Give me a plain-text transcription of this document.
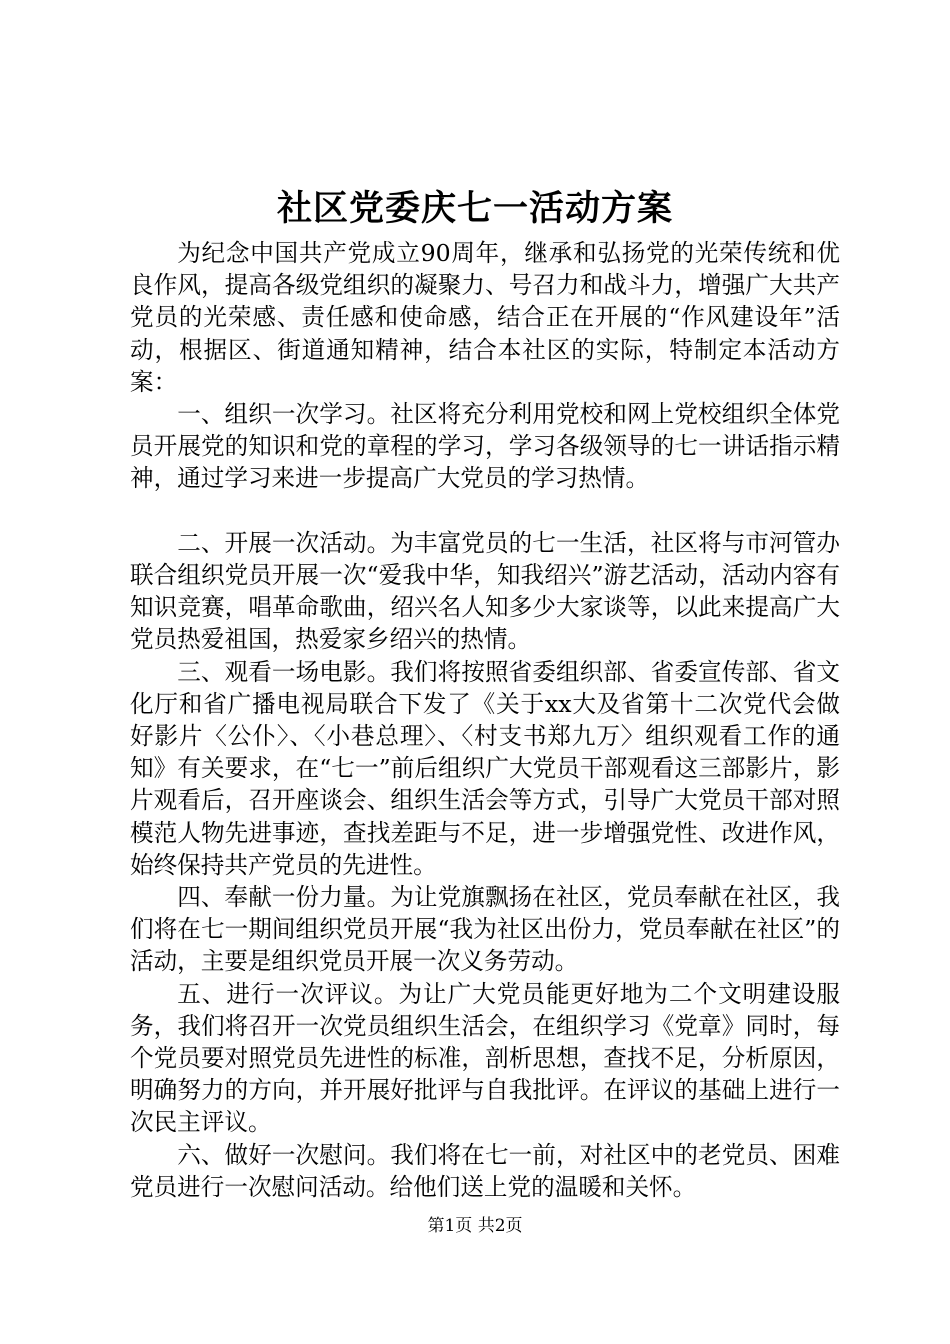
社区党委庆七一活动方案

为纪念中国共产党成立90周年，继承和弘扬党的光荣传统和优良作风，提高各级党组织的凝聚力、号召力和战斗力，增强广大共产党员的光荣感、责任感和使命感，结合正在开展的“作风建设年”活动，根据区、街道通知精神，结合本社区的实际，特制定本活动方案：

一、组织一次学习。社区将充分利用党校和网上党校组织全体党员开展党的知识和党的章程的学习，学习各级领导的七一讲话指示精神，通过学习来进一步提高广大党员的学习热情。

二、开展一次活动。为丰富党员的七一生活，社区将与市河管办联合组织党员开展一次“爱我中华，知我绍兴”游艺活动，活动内容有知识竞赛，唱革命歌曲，绍兴名人知多少大家谈等，以此来提高广大党员热爱祖国，热爱家乡绍兴的热情。

三、观看一场电影。我们将按照省委组织部、省委宣传部、省文化厅和省广播电视局联合下发了《关于xx大及省第十二次党代会做好影片〈公仆〉、〈小巷总理〉、〈村支书郑九万〉组织观看工作的通知》有关要求，在“七一”前后组织广大党员干部观看这三部影片，影片观看后，召开座谈会、组织生活会等方式，引导广大党员干部对照模范人物先进事迹，查找差距与不足，进一步增强党性、改进作风，始终保持共产党员的先进性。

四、奉献一份力量。为让党旗飘扬在社区，党员奉献在社区，我们将在七一期间组织党员开展“我为社区出份力，党员奉献在社区”的活动，主要是组织党员开展一次义务劳动。

五、进行一次评议。为让广大党员能更好地为二个文明建设服务，我们将召开一次党员组织生活会，在组织学习《党章》同时，每个党员要对照党员先进性的标准，剖析思想，查找不足，分析原因，明确努力的方向，并开展好批评与自我批评。在评议的基础上进行一次民主评议。

六、做好一次慰问。我们将在七一前，对社区中的老党员、困难党员进行一次慰问活动。给他们送上党的温暖和关怀。

第1页 共2页
